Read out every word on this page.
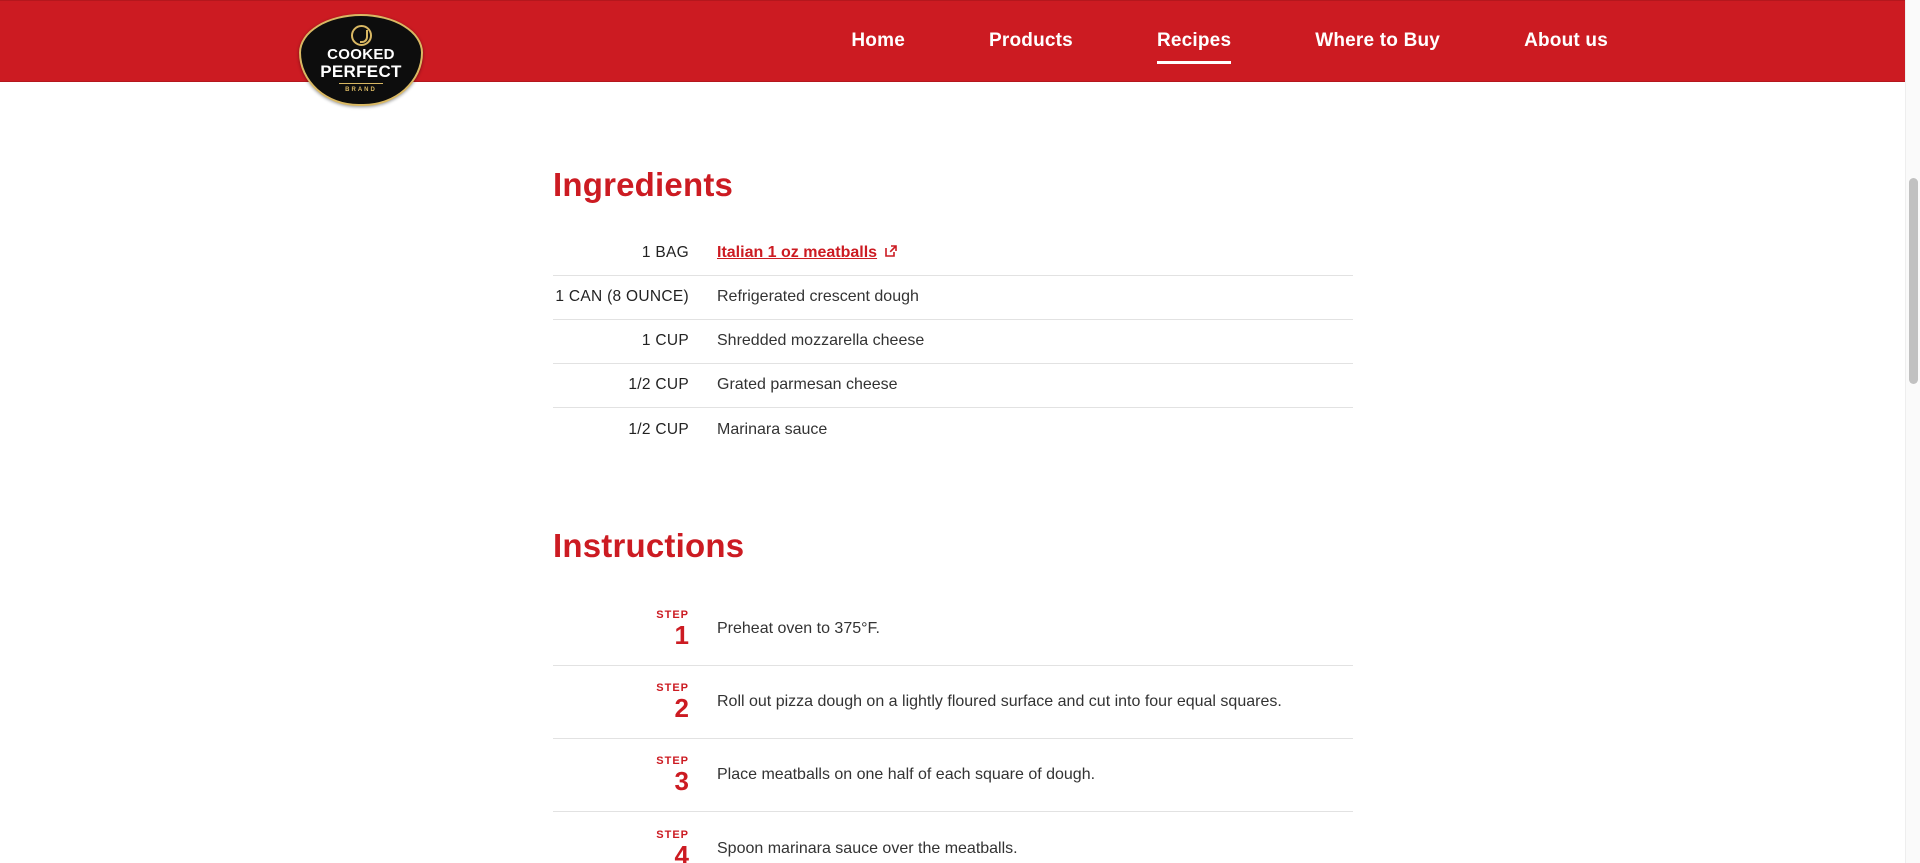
COOKED
PERFECT
BRAND
Home	Products	Recipes	Where to Buy	About us
Ingredients
1 BAG	Italian 1 oz meatballs
1 CAN (8 OUNCE)	Refrigerated crescent dough
1 CUP	Shredded mozzarella cheese
1/2 CUP	Grated parmesan cheese
1/2 CUP	Marinara sauce
Instructions
STEP
1	Preheat oven to 375°F.

STEP
2	Roll out pizza dough on a lightly floured surface and cut into four equal squares.

STEP
3	Place meatballs on one half of each square of dough.

STEP
4	Spoon marinara sauce over the meatballs.
